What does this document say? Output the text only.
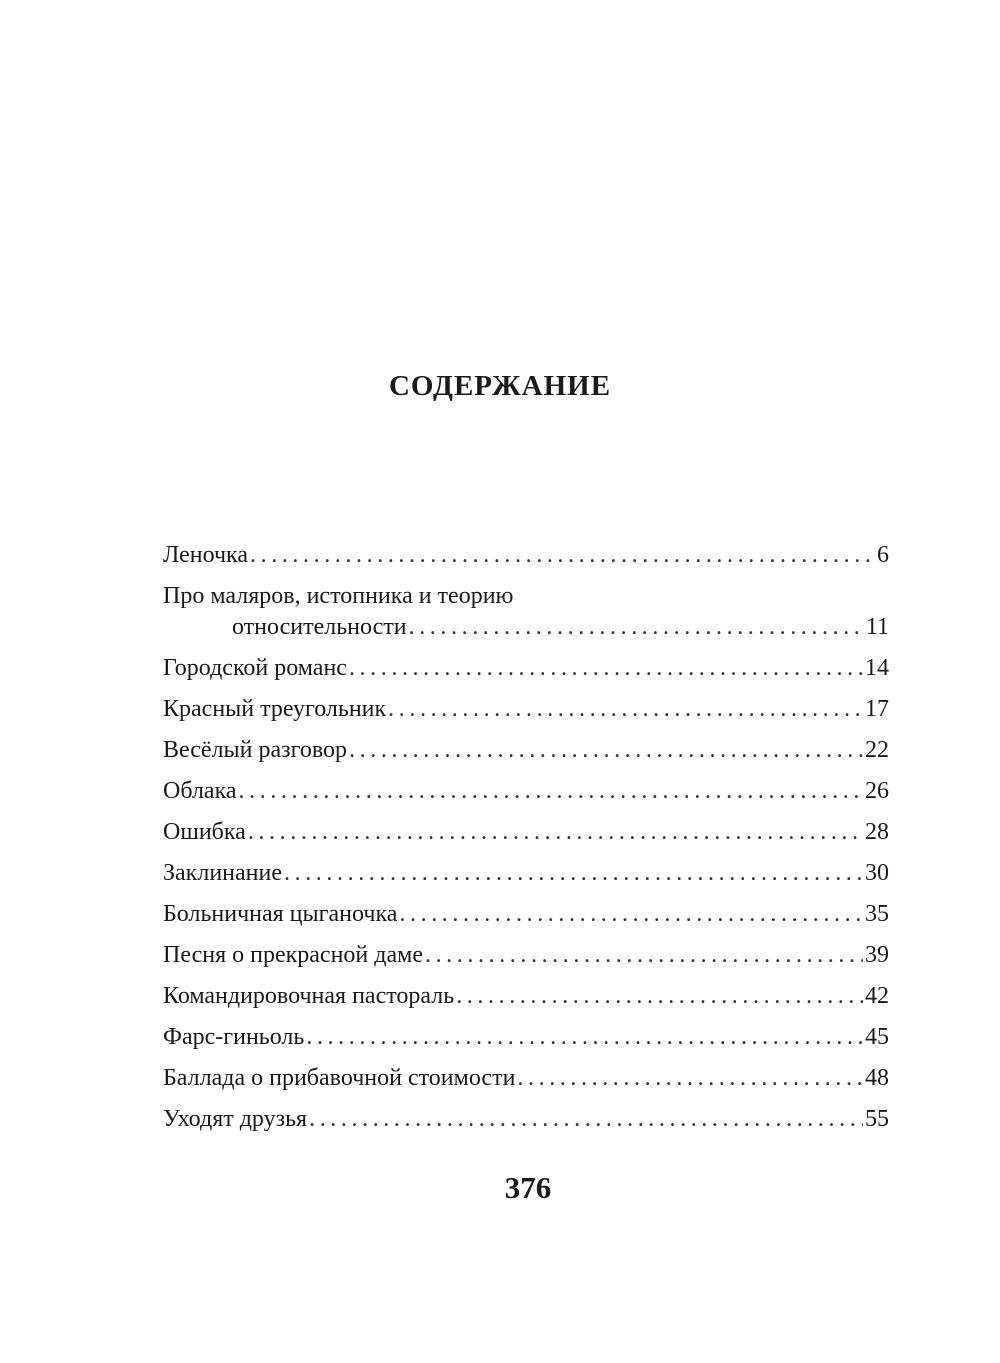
СОДЕРЖАНИЕ
Леночка . . .	6
Про маляров, истопника и теорию
относительности . . .	11
Городской романс . . .	14
Красный треугольник . . .	17
Весёлый разговор . . .	22
Облака . . .	26
Ошибка . . .	28
Заклинание . . .	30
Больничная цыганочка . . .	35
Песня о прекрасной даме . . .	39
Командировочная пастораль . . .	42
Фарс-гиньоль . . .	45
Баллада о прибавочной стоимости . . .	48
Уходят друзья . . .	55
376
